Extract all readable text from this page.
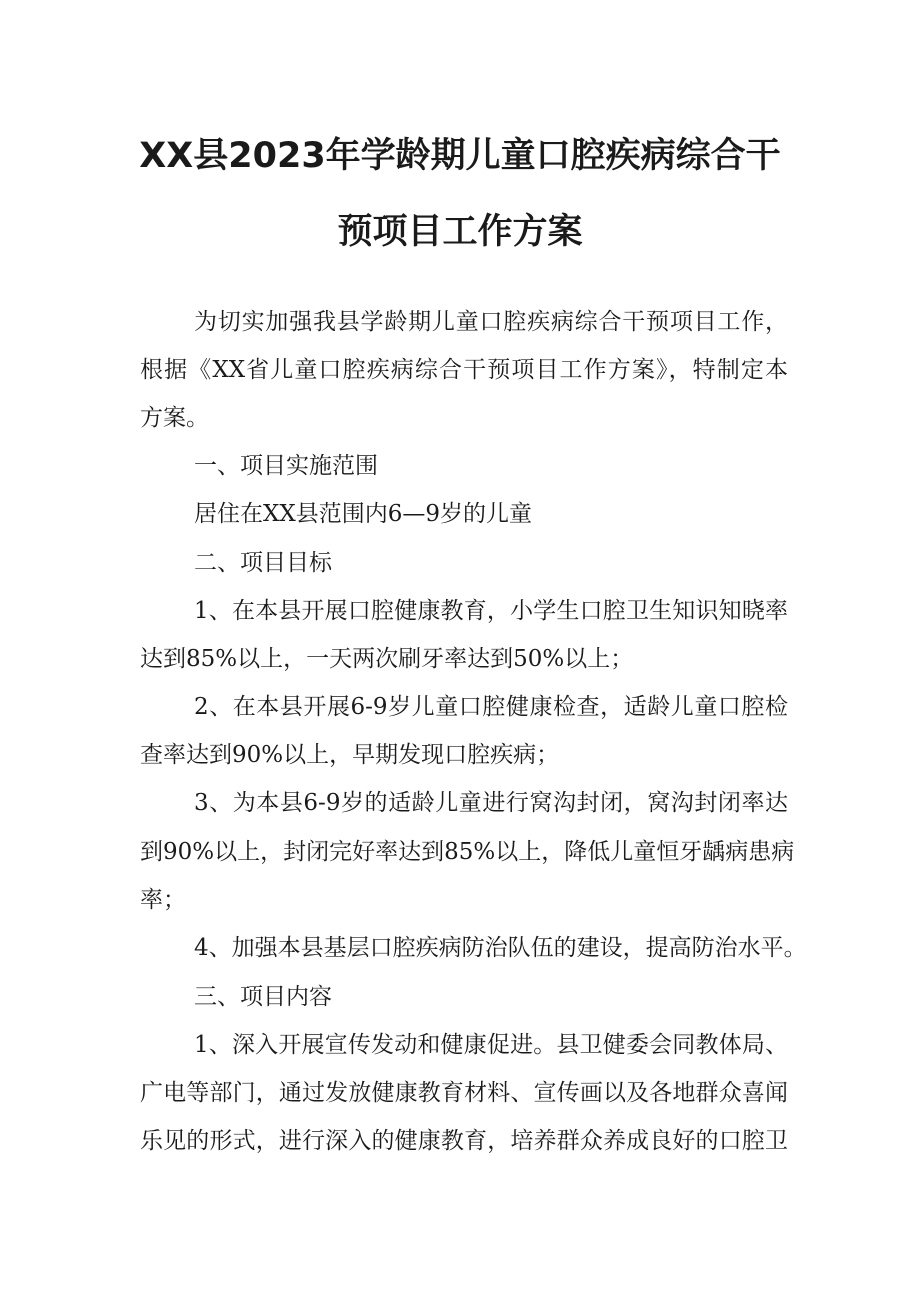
XX县2023年学龄期儿童口腔疾病综合干
预项目工作方案
为切实加强我县学龄期儿童口腔疾病综合干预项目工作，
根据《XX省儿童口腔疾病综合干预项目工作方案》，特制定本
方案。
一、项目实施范围
居住在XX县范围内6—9岁的儿童
二、项目目标
1、在本县开展口腔健康教育，小学生口腔卫生知识知晓率
达到85%以上，一天两次刷牙率达到50%以上；
2、在本县开展6-9岁儿童口腔健康检查，适龄儿童口腔检
查率达到90%以上，早期发现口腔疾病；
3、为本县6-9岁的适龄儿童进行窝沟封闭，窝沟封闭率达
到90%以上，封闭完好率达到85%以上，降低儿童恒牙龋病患病
率；
4、加强本县基层口腔疾病防治队伍的建设，提高防治水平。
三、项目内容
1、深入开展宣传发动和健康促进。县卫健委会同教体局、
广电等部门，通过发放健康教育材料、宣传画以及各地群众喜闻
乐见的形式，进行深入的健康教育，培养群众养成良好的口腔卫
